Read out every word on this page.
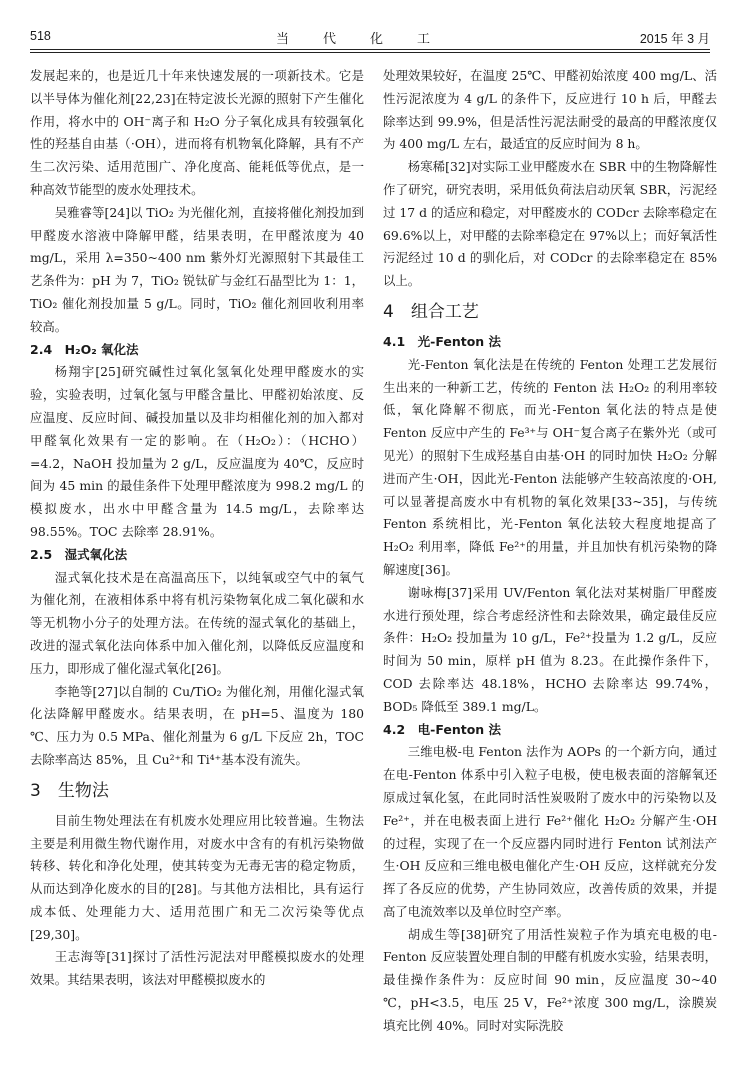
518	当代化工	2015 年 3 月

发展起来的，也是近几十年来快速发展的一项新技术。它是以半导体为催化剂[22,23]在特定波长光源的照射下产生催化作用，将水中的 OH⁻离子和 H₂O 分子氧化成具有较强氧化性的羟基自由基（·OH），进而将有机物氧化降解，具有不产生二次污染、适用范围广、净化度高、能耗低等优点，是一种高效节能型的废水处理技术。

吴雅睿等[24]以 TiO₂ 为光催化剂，直接将催化剂投加到甲醛废水溶液中降解甲醛，结果表明，在甲醛浓度为 40 mg/L，采用 λ=350~400 nm 紫外灯光源照射下其最佳工艺条件为：pH 为 7，TiO₂ 锐钛矿与金红石晶型比为 1：1，TiO₂ 催化剂投加量 5 g/L。同时，TiO₂ 催化剂回收利用率较高。

2.4　H₂O₂ 氧化法

杨翔宇[25]研究碱性过氧化氢氧化处理甲醛废水的实验，实验表明，过氧化氢与甲醛含量比、甲醛初始浓度、反应温度、反应时间、碱投加量以及非均相催化剂的加入都对甲醛氧化效果有一定的影响。在（H₂O₂）：（HCHO）=4.2，NaOH 投加量为 2 g/L，反应温度为 40℃，反应时间为 45 min 的最佳条件下处理甲醛浓度为 998.2 mg/L 的模拟废水，出水中甲醛含量为 14.5 mg/L，去除率达 98.55%。TOC 去除率 28.91%。

2.5　湿式氧化法

湿式氧化技术是在高温高压下，以纯氧或空气中的氧气为催化剂，在液相体系中将有机污染物氧化成二氧化碳和水等无机物小分子的处理方法。在传统的湿式氧化的基础上，改进的湿式氧化法向体系中加入催化剂，以降低反应温度和压力，即形成了催化湿式氧化[26]。

李艳等[27]以自制的 Cu/TiO₂ 为催化剂，用催化湿式氧化法降解甲醛废水。结果表明，在 pH=5、温度为 180 ℃、压力为 0.5 MPa、催化剂量为 6 g/L 下反应 2h，TOC 去除率高达 85%，且 Cu²⁺和 Ti⁴⁺基本没有流失。

3　生物法

目前生物处理法在有机废水处理应用比较普遍。生物法主要是利用微生物代谢作用，对废水中含有的有机污染物做转移、转化和净化处理，使其转变为无毒无害的稳定物质，从而达到净化废水的目的[28]。与其他方法相比，具有运行成本低、处理能力大、适用范围广和无二次污染等优点[29,30]。

王志海等[31]探讨了活性污泥法对甲醛模拟废水的处理效果。其结果表明，该法对甲醛模拟废水的

处理效果较好，在温度 25℃、甲醛初始浓度 400 mg/L、活性污泥浓度为 4 g/L 的条件下，反应进行 10 h 后，甲醛去除率达到 99.9%，但是活性污泥法耐受的最高的甲醛浓度仅为 400 mg/L 左右，最适宜的反应时间为 8 h。

杨寒稀[32]对实际工业甲醛废水在 SBR 中的生物降解性作了研究，研究表明，采用低负荷法启动厌氧 SBR，污泥经过 17 d 的适应和稳定，对甲醛废水的 CODcr 去除率稳定在 69.6%以上，对甲醛的去除率稳定在 97%以上；而好氧活性污泥经过 10 d 的驯化后，对 CODcr 的去除率稳定在 85%以上。

4　组合工艺
4.1　光-Fenton 法

光-Fenton 氧化法是在传统的 Fenton 处理工艺发展衍生出来的一种新工艺，传统的 Fenton 法 H₂O₂ 的利用率较低，氧化降解不彻底，而光-Fenton 氧化法的特点是使 Fenton 反应中产生的 Fe³⁺与 OH⁻复合离子在紫外光（或可见光）的照射下生成羟基自由基·OH 的同时加快 H₂O₂ 分解进而产生·OH，因此光-Fenton 法能够产生较高浓度的·OH,可以显著提高废水中有机物的氧化效果[33~35]，与传统 Fenton 系统相比，光-Fenton 氧化法较大程度地提高了 H₂O₂ 利用率，降低 Fe²⁺的用量，并且加快有机污染物的降解速度[36]。

谢咏梅[37]采用 UV/Fenton 氧化法对某树脂厂甲醛废水进行预处理，综合考虑经济性和去除效果，确定最佳反应条件：H₂O₂ 投加量为 10 g/L，Fe²⁺投量为 1.2 g/L，反应时间为 50 min，原样 pH 值为 8.23。在此操作条件下，COD 去除率达 48.18%，HCHO 去除率达 99.74%，BOD₅ 降低至 389.1 mg/L。

4.2　电-Fenton 法

三维电极-电 Fenton 法作为 AOPs 的一个新方向，通过在电-Fenton 体系中引入粒子电极，使电极表面的溶解氧还原成过氧化氢，在此同时活性炭吸附了废水中的污染物以及 Fe²⁺，并在电极表面上进行 Fe²⁺催化 H₂O₂ 分解产生·OH 的过程，实现了在一个反应器内同时进行 Fenton 试剂法产生·OH 反应和三维电极电催化产生·OH 反应，这样就充分发挥了各反应的优势，产生协同效应，改善传质的效果，并提高了电流效率以及单位时空产率。

胡成生等[38]研究了用活性炭粒子作为填充电极的电-Fenton 反应装置处理自制的甲醛有机废水实验，结果表明，最佳操作条件为：反应时间 90 min，反应温度 30~40 ℃，pH<3.5，电压 25 V，Fe²⁺浓度 300 mg/L，涂膜炭填充比例 40%。同时对实际洗胶
